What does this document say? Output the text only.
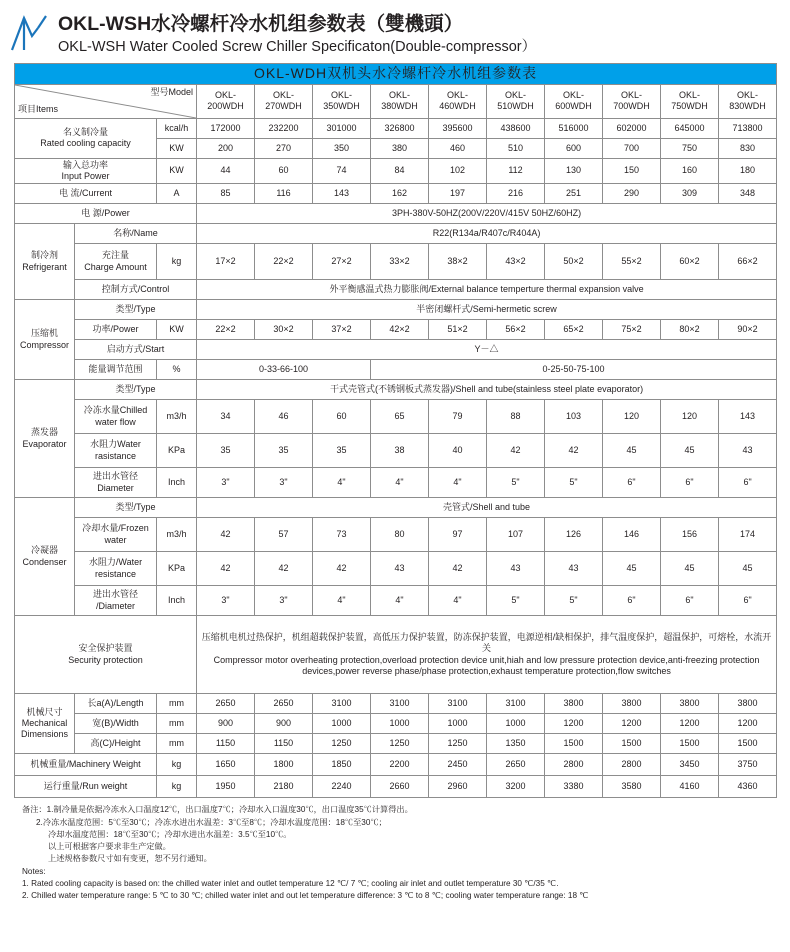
OKL-WSH水冷螺杆冷水机组参数表（雙機頭）
OKL-WSH Water Cooled Screw Chiller Specificaton(Double-compressor）
OKL-WDH双机头水冷螺杆冷水机组参数表												

项目Items
型号Model			OKL-200WDH	OKL-270WDH	OKL-350WDH	OKL-380WDH	OKL-460WDH	OKL-510WDH	OKL-600WDH	OKL-700WDH	OKL-750WDH	OKL-830WDH

名义制冷量
Rated cooling capacity		kcal/h	172000	232200	301000	326800	395600	438600	516000	602000	645000	713800
		KW	200	270	350	380	460	510	600	700	750	830

输入总功率
Input Power		KW	44	60	74	84	102	112	130	150	160	180
电 流/Current		A	85	116	143	162	197	216	251	290	309	348
电 源/Power			3PH-380V-50HZ(200V/220V/415V 50HZ/60HZ)									

制冷剂
Refrigerant	名称/Name		R22(R134a/R407c/R404A)									

	充注量
Charge Amount	kg	17×2	22×2	27×2	33×2	38×2	43×2	50×2	55×2	60×2	66×2

	控制方式/Control		外平衡感温式热力膨胀阀/External balance temperture thermal expansion valve									

压缩机
Compressor	类型/Type		半密闭螺杆式/Semi-hermetic screw									
	功率/Power	KW	22×2	30×2	37×2	42×2	51×2	56×2	65×2	75×2	80×2	90×2
	启动方式/Start		Y－△									
	能量调节范围	%	0-33-66-100			0-25-50-75-100						

蒸发器
Evaporator	类型/Type		干式壳管式(不锈钢板式蒸发器)/Shell and tube(stainless steel plate evaporator)									

	冷冻水量Chilled
water flow	m3/h	34	46	60	65	79	88	103	120	120	143

	水阻力Water
rasistance	KPa	35	35	35	38	40	42	42	45	45	43

	进出水管径
Diameter	Inch	3"	3"	4"	4"	4"	5"	5"	6"	6"	6"

冷凝器
Condenser	类型/Type		壳管式/Shell and tube									

	冷却水量/Frozen
water	m3/h	42	57	73	80	97	107	126	146	156	174

	水阻力/Water
resistance	KPa	42	42	42	43	42	43	43	45	45	45

	进出水管径
/Diameter	Inch	3"	3"	4"	4"	4"	5"	5"	6"	6"	6"

安全保护装置
Security protection

压缩机电机过热保护，机组超载保护装置，高低压力保护装置，防冻保护装置，电源逆相/缺相保护，排气温度保护，超温保护，可熔栓，水流开关
Compressor motor overheating protection,overload protection device unit,hiah and low pressure protection device,anti-freezing protection devices,power reverse phase/phase protection,exhaust temperature protection,flow switches

机械尺寸
Mechanical
Dimensions	长a(A)/Length	mm	2650	2650	3100	3100	3100	3100	3800	3800	3800	3800
	宽(B)/Width	mm	900	900	1000	1000	1000	1000	1200	1200	1200	1200
	高(C)/Height	mm	1150	1150	1250	1250	1250	1350	1500	1500	1500	1500
机械重量/Machinery Weight		kg	1650	1800	1850	2200	2450	2650	2800	2800	3450	3750
运行重量/Run weight		kg	1950	2180	2240	2660	2960	3200	3380	3580	4160	4360
备注：1.制冷量是依据冷冻水入口温度12℃，出口温度7℃；冷却水入口温度30℃，出口温度35℃计算得出。
2.冷冻水温度范围：5℃至30℃；冷冻水进出水温差：3℃至8℃；冷却水温度范围：18℃至30℃；
冷却水温度范围：18℃至30℃；冷却水进出水温差：3.5℃至10℃。
以上可根据客户要求非生产定做。
上述规格参数尺寸如有变更，恕不另行通知。
Notes:
1. Rated cooling capacity is based on: the chilled water inlet and outlet temperature 12 ℃/ 7 ℃; cooling air inlet and outlet temperature 30 ℃/35 ℃.
2. Chilled water temperature range: 5 ℃ to 30 ℃; chilled water inlet and out let temperature difference: 3 ℃ to 8 ℃; cooling water temperature range: 18 ℃
